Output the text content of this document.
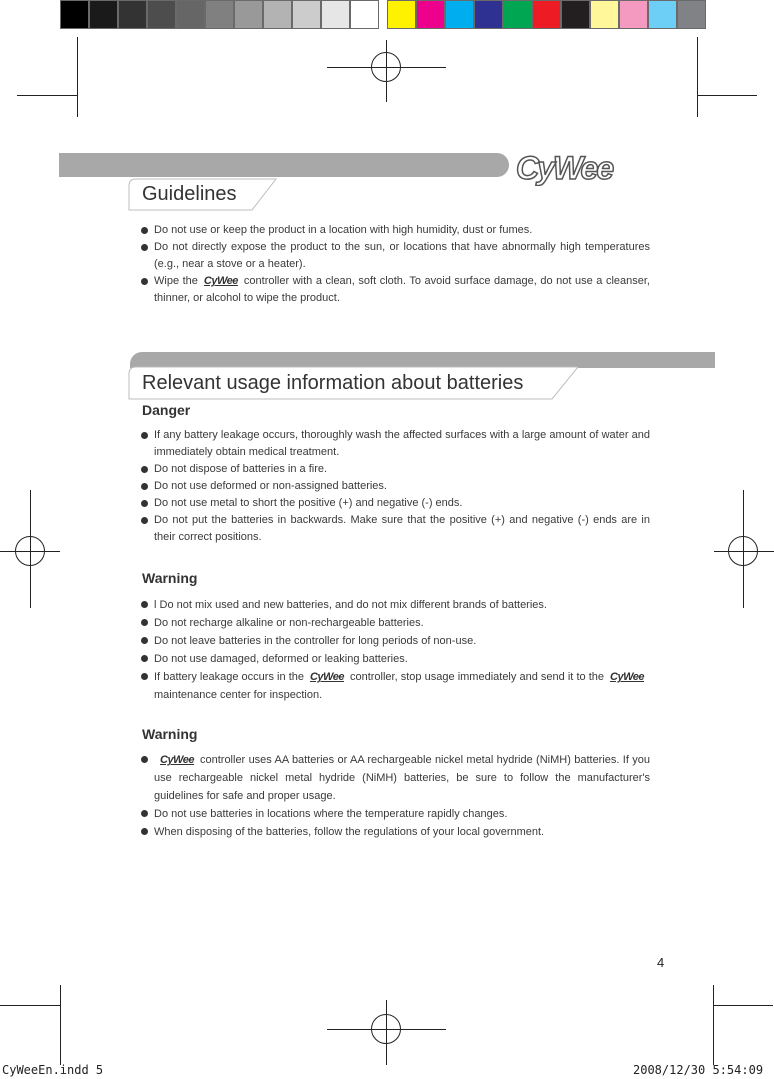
CyWee
Guidelines
Do not use or keep the product in a location with high humidity, dust or fumes.
Do not directly expose the product to the sun, or locations that have abnormally high temperatures (e.g., near a stove or a heater).
Wipe the CyWee controller with a clean, soft cloth. To avoid surface damage, do not use a cleanser, thinner, or alcohol to wipe the product.
Relevant usage information about batteries
Danger
If any battery leakage occurs, thoroughly wash the affected surfaces with a large amount of water and immediately obtain medical treatment.
Do not dispose of batteries in a fire.
Do not use deformed or non-assigned batteries.
Do not use metal to short the positive (+) and negative (-) ends.
Do not put the batteries in backwards. Make sure that the positive (+) and negative (-) ends are in their correct positions.
Warning
l Do not mix used and new batteries, and do not mix different brands of batteries.
Do not recharge alkaline or non-rechargeable batteries.
Do not leave batteries in the controller for long periods of non-use.
Do not use damaged, deformed or leaking batteries.
If battery leakage occurs in the CyWee controller, stop usage immediately and send it to the CyWeemaintenance center for inspection.
Warning
CyWee controller uses AA batteries or AA rechargeable nickel metal hydride (NiMH) batteries. If you use rechargeable nickel metal hydride (NiMH) batteries, be sure to follow the manufacturer's guidelines for safe and proper usage.
Do not use batteries in locations where the temperature rapidly changes.
When disposing of the batteries, follow the regulations of your local government.
4
CyWeeEn.indd 5	2008/12/30 5:54:09
